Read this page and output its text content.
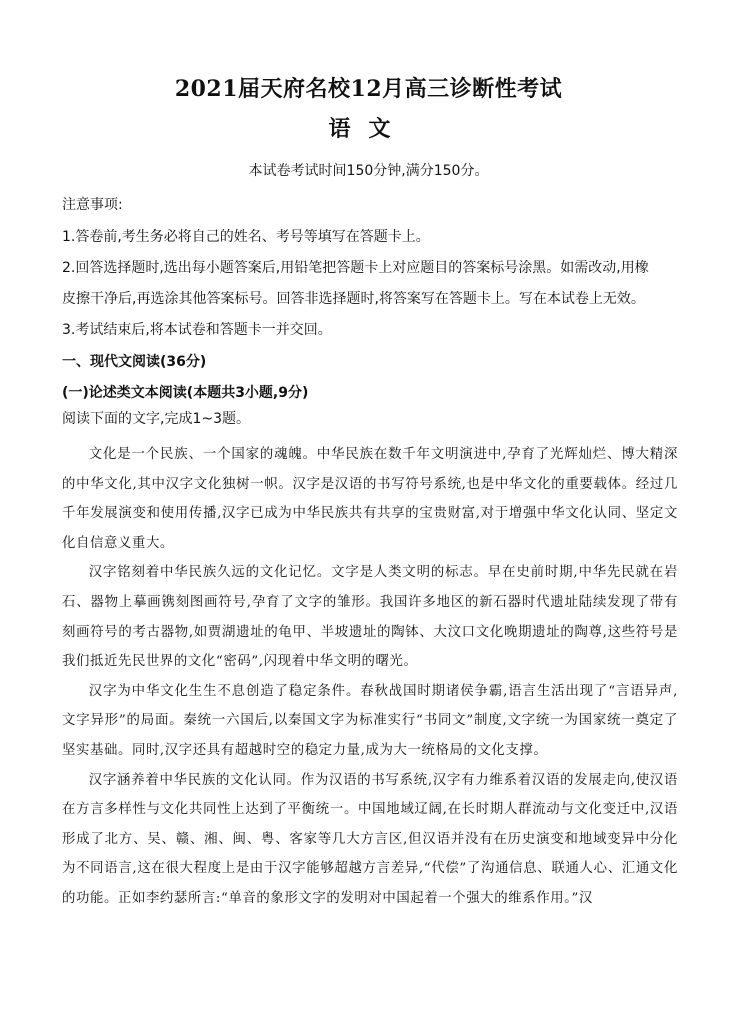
2021届天府名校12月高三诊断性考试
语文
本试卷考试时间150分钟,满分150分。
注意事项:
1.答卷前,考生务必将自己的姓名、考号等填写在答题卡上。
2.回答选择题时,选出每小题答案后,用铅笔把答题卡上对应题目的答案标号涂黑。如需改动,用橡
皮擦干净后,再选涂其他答案标号。回答非选择题时,将答案写在答题卡上。写在本试卷上无效。
3.考试结束后,将本试卷和答题卡一并交回。
一、现代文阅读(36分)
(一)论述类文本阅读(本题共3小题,9分)
阅读下面的文字,完成1~3题。

文化是一个民族、一个国家的魂魄。中华民族在数千年文明演进中,孕育了光辉灿烂、博大精深的中华文化,其中汉字文化独树一帜。汉字是汉语的书写符号系统,也是中华文化的重要载体。经过几千年发展演变和使用传播,汉字已成为中华民族共有共享的宝贵财富,对于增强中华文化认同、坚定文化自信意义重大。

汉字铭刻着中华民族久远的文化记忆。文字是人类文明的标志。早在史前时期,中华先民就在岩石、器物上摹画镌刻图画符号,孕育了文字的雏形。我国许多地区的新石器时代遗址陆续发现了带有刻画符号的考古器物,如贾湖遗址的龟甲、半坡遗址的陶钵、大汶口文化晚期遗址的陶尊,这些符号是我们抵近先民世界的文化“密码”,闪现着中华文明的曙光。

汉字为中华文化生生不息创造了稳定条件。春秋战国时期诸侯争霸,语言生活出现了“言语异声,文字异形”的局面。秦统一六国后,以秦国文字为标准实行“书同文”制度,文字统一为国家统一奠定了坚实基础。同时,汉字还具有超越时空的稳定力量,成为大一统格局的文化支撑。

汉字涵养着中华民族的文化认同。作为汉语的书写系统,汉字有力维系着汉语的发展走向,使汉语在方言多样性与文化共同性上达到了平衡统一。中国地域辽阔,在长时期人群流动与文化变迁中,汉语形成了北方、吴、赣、湘、闽、粤、客家等几大方言区,但汉语并没有在历史演变和地域变异中分化为不同语言,这在很大程度上是由于汉字能够超越方言差异,“代偿”了沟通信息、联通人心、汇通文化的功能。正如李约瑟所言:“单音的象形文字的发明对中国起着一个强大的维系作用。”汉
